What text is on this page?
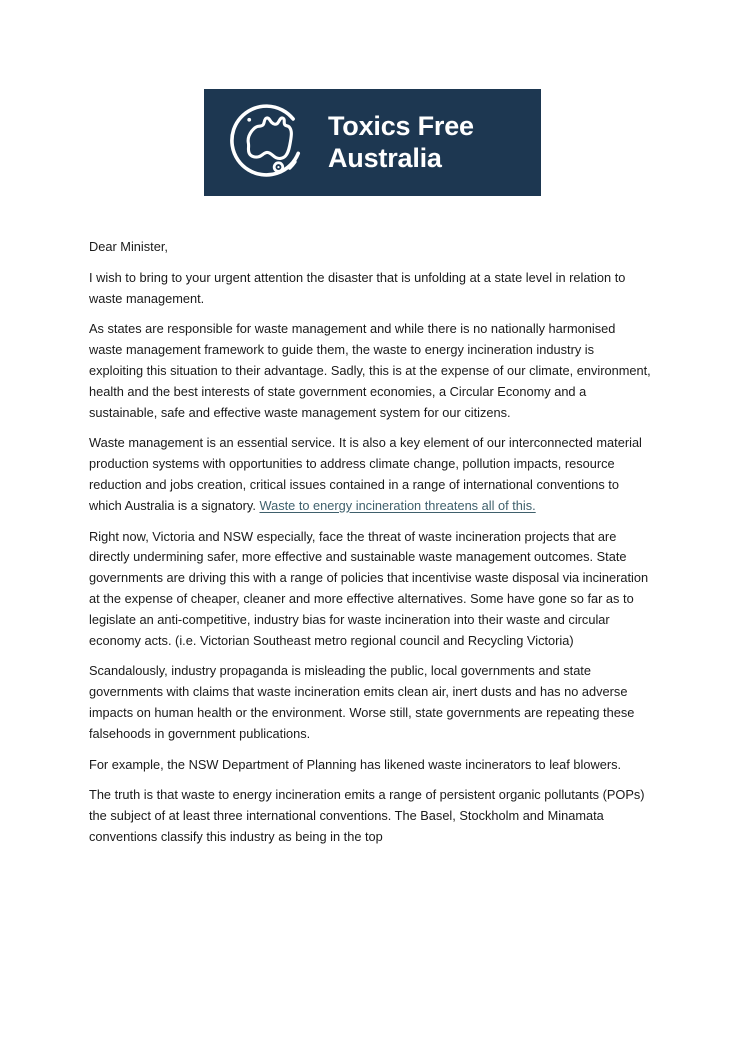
Toxics Free
Australia

Dear Minister,

I wish to bring to your urgent attention the disaster that is unfolding at a state level in relation to waste management.

As states are responsible for waste management and while there is no nationally harmonised waste management framework to guide them, the waste to energy incineration industry is exploiting this situation to their advantage. Sadly, this is at the expense of our climate, environment, health and the best interests of state government economies, a Circular Economy and a sustainable, safe and effective waste management system for our citizens.

Waste management is an essential service. It is also a key element of our interconnected material production systems with opportunities to address climate change, pollution impacts, resource reduction and jobs creation, critical issues contained in a range of international conventions to which Australia is a signatory. Waste to energy incineration threatens all of this.

Right now, Victoria and NSW especially, face the threat of waste incineration projects that are directly undermining safer, more effective and sustainable waste management outcomes. State governments are driving this with a range of policies that incentivise waste disposal via incineration at the expense of cheaper, cleaner and more effective alternatives. Some have gone so far as to legislate an anti-competitive, industry bias for waste incineration into their waste and circular economy acts. (i.e. Victorian Southeast metro regional council and Recycling Victoria)

Scandalously, industry propaganda is misleading the public, local governments and state governments with claims that waste incineration emits clean air, inert dusts and has no adverse impacts on human health or the environment. Worse still, state governments are repeating these falsehoods in government publications.

For example, the NSW Department of Planning has likened waste incinerators to leaf blowers.

The truth is that waste to energy incineration emits a range of persistent organic pollutants (POPs) the subject of at least three international conventions. The Basel, Stockholm and Minamata conventions classify this industry as being in the top
